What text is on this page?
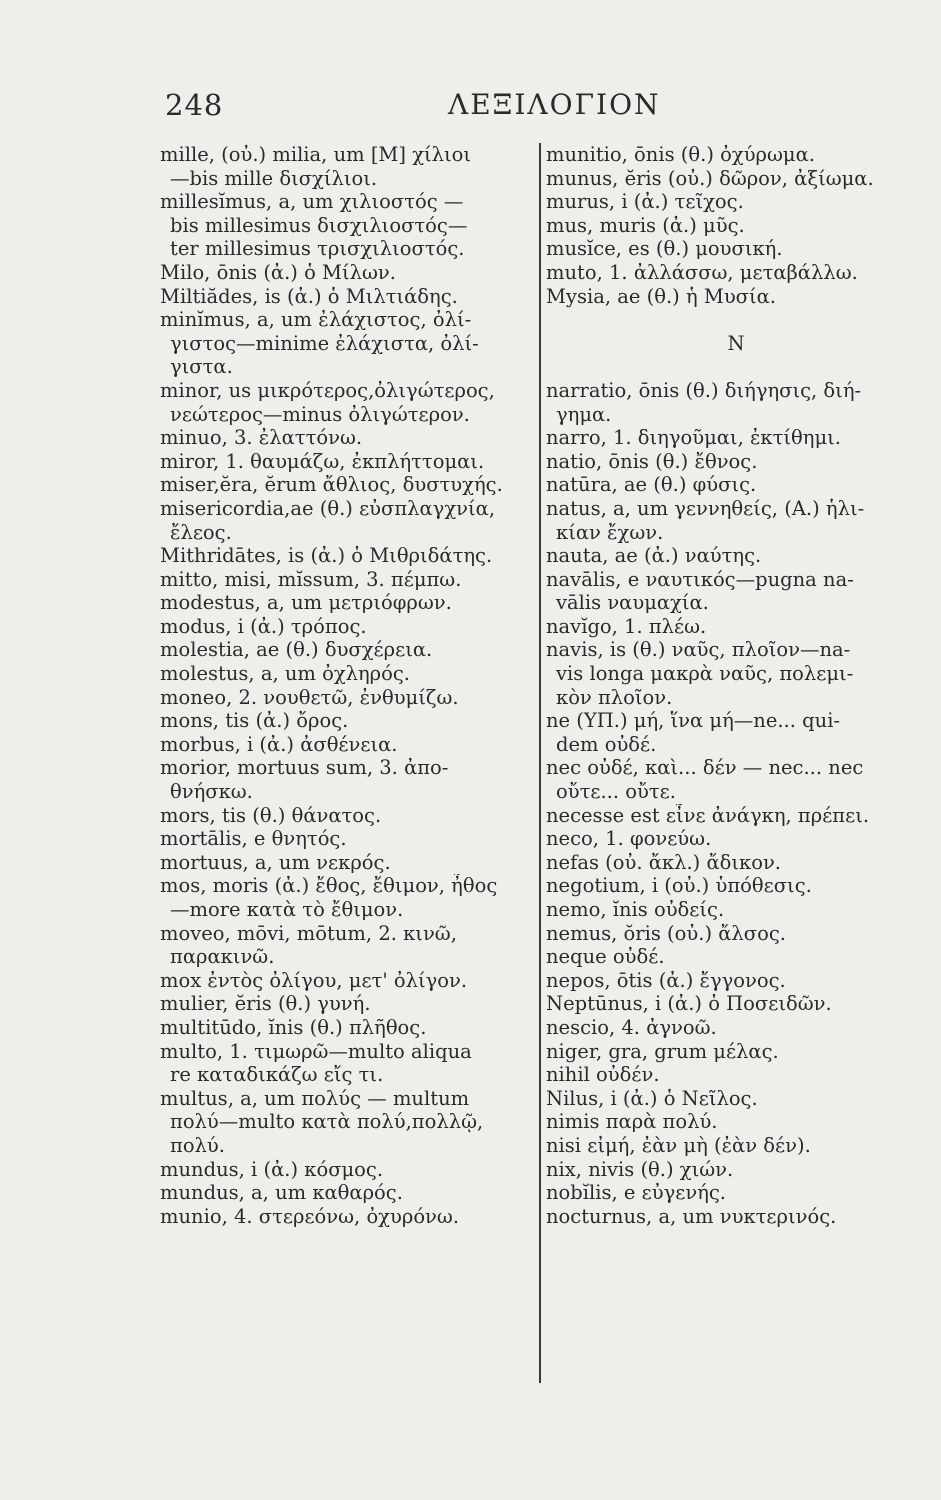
248	ΛΕΞΙΛΟΓΙΟΝ
mille, (οὐ.) milia, um [M] χίλιοι
—bis mille δισχίλιοι.
millesĭmus, a, um χιλιοστός —
bis millesimus δισχιλιοστός—
ter millesimus τρισχιλιοστός.
Milo, ōnis (ἀ.) ὁ Μίλων.
Miltiădes, is (ἀ.) ὁ Μιλτιάδης.
minĭmus, a, um ἐλάχιστος, ὀλί-
γιστος—minime ἐλάχιστα, ὀλί-
γιστα.
minor, us μικρότερος,ὀλιγώτερος,
νεώτερος—minus ὀλιγώτερον.
minuo, 3. ἐλαττόνω.
miror, 1. θαυμάζω, ἐκπλήττομαι.
miser,ĕra, ĕrum ἄθλιος, δυστυχής.
misericordia,ae (θ.) εὐσπλαγχνία,
ἔλεος.
Mithridātes, is (ἀ.) ὁ Μιθριδάτης.
mitto, misi, mĭssum, 3. πέμπω.
modestus, a, um μετριόφρων.
modus, i (ἀ.) τρόπος.
molestia, ae (θ.) δυσχέρεια.
molestus, a, um ὀχληρός.
moneo, 2. νουθετῶ, ἐνθυμίζω.
mons, tis (ἀ.) ὄρος.
morbus, i (ἀ.) ἀσθένεια.
morior, mortuus sum, 3. ἀπο-
θνήσκω.
mors, tis (θ.) θάνατος.
mortālis, e θνητός.
mortuus, a, um νεκρός.
mos, moris (ἀ.) ἔθος, ἔθιμον, ἦθος
—more κατὰ τὸ ἔθιμον.
moveo, mōvi, mōtum, 2. κινῶ,
παρακινῶ.
mox ἐντὸς ὀλίγου, μετ' ὀλίγον.
mulier, ĕris (θ.) γυνή.
multitūdo, ĭnis (θ.) πλῆθος.
multo, 1. τιμωρῶ—multo aliqua
re καταδικάζω εἴς τι.
multus, a, um πολύς — multum
πολύ—multo κατὰ πολύ,πολλῷ,
πολύ.
mundus, i (ἀ.) κόσμος.
mundus, a, um καθαρός.
munio, 4. στερεόνω, ὀχυρόνω.
munitio, ōnis (θ.) ὀχύρωμα.
munus, ĕris (οὐ.) δῶρον, ἀξίωμα.
murus, i (ἀ.) τεῖχος.
mus, muris (ἀ.) μῦς.
musĭce, es (θ.) μουσική.
muto, 1. ἀλλάσσω, μεταβάλλω.
Mysia, ae (θ.) ἡ Μυσία.
N
narratio, ōnis (θ.) διήγησις, διή-
γημα.
narro, 1. διηγοῦμαι, ἐκτίθημι.
natio, ōnis (θ.) ἔθνος.
natūra, ae (θ.) φύσις.
natus, a, um γεννηθείς, (A.) ἡλι-
κίαν ἔχων.
nauta, ae (ἀ.) ναύτης.
navālis, e ναυτικός—pugna na-
vālis ναυμαχία.
navĭgo, 1. πλέω.
navis, is (θ.) ναῦς, πλοῖον—na-
vis longa μακρὰ ναῦς, πολεμι-
κὸν πλοῖον.
ne (ΥΠ.) μή, ἵνα μή—ne... qui-
dem οὐδέ.
nec οὐδέ, καὶ... δέν — nec... nec
οὔτε... οὔτε.
necesse est εἶνε ἀνάγκη, πρέπει.
neco, 1. φονεύω.
nefas (οὐ. ἄκλ.) ἄδικον.
negotium, i (οὐ.) ὑπόθεσις.
nemo, ĭnis οὐδείς.
nemus, ŏris (οὐ.) ἄλσος.
neque οὐδέ.
nepos, ōtis (ἀ.) ἔγγονος.
Neptūnus, i (ἀ.) ὁ Ποσειδῶν.
nescio, 4. ἀγνοῶ.
niger, gra, grum μέλας.
nihil οὐδέν.
Nilus, i (ἀ.) ὁ Νεῖλος.
nimis παρὰ πολύ.
nisi εἰμή, ἐὰν μὴ (ἐὰν δέν).
nix, nivis (θ.) χιών.
nobĭlis, e εὐγενής.
nocturnus, a, um νυκτερινός.
